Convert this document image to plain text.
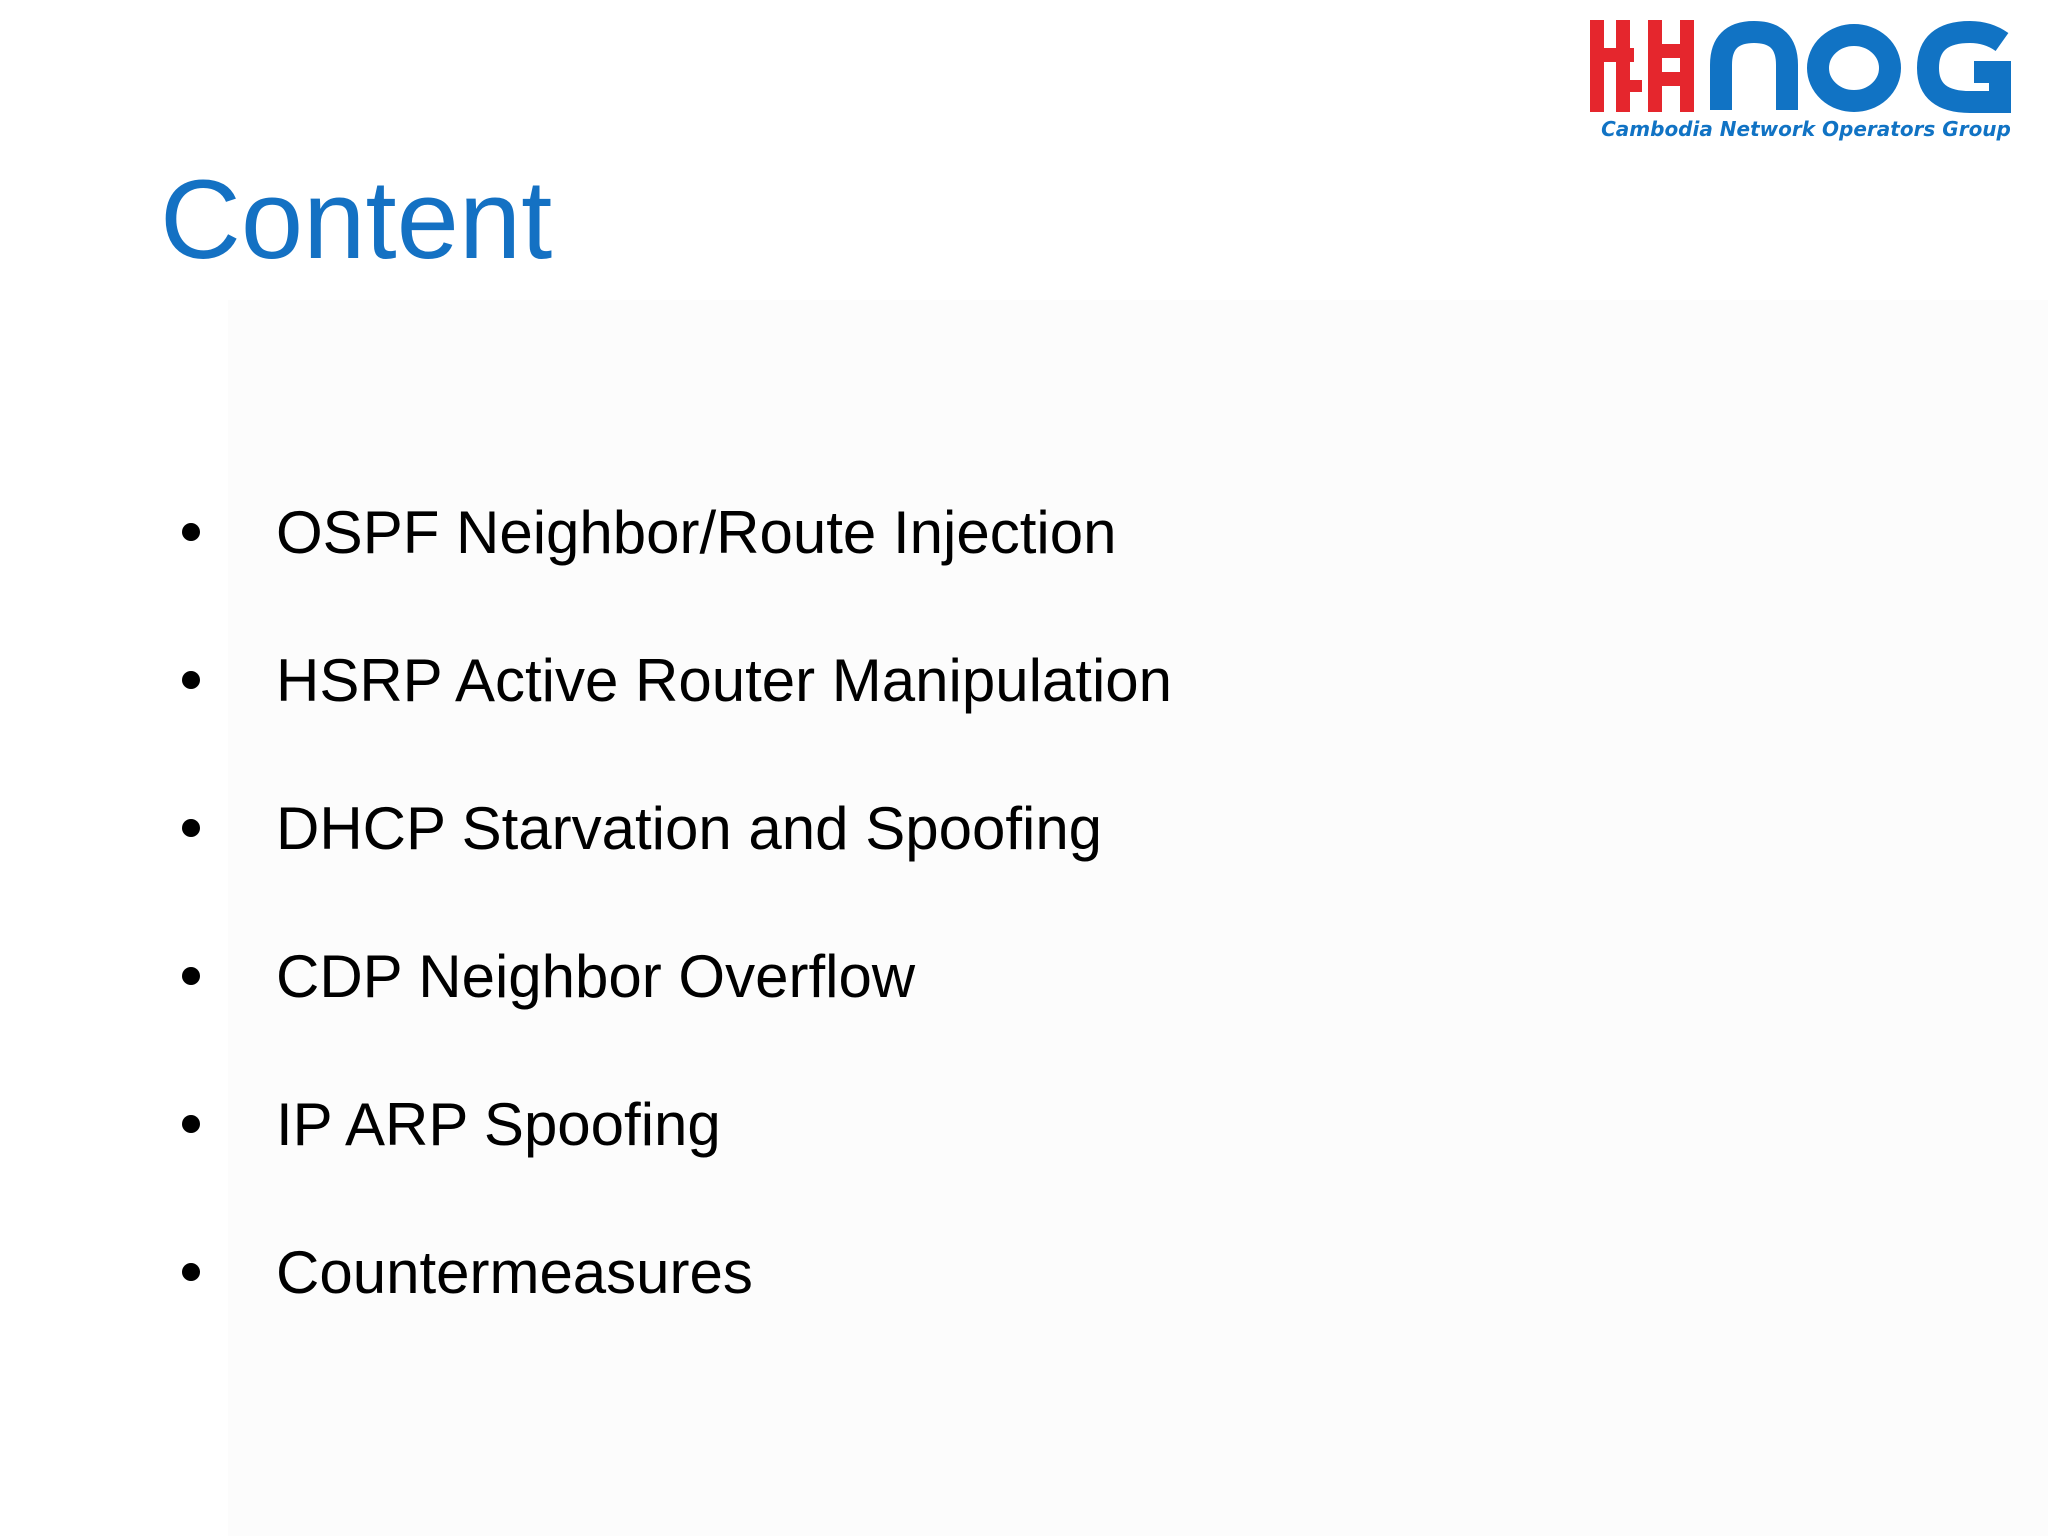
Cambodia Network Operators Group
Content
OSPF Neighbor/Route Injection
HSRP Active Router Manipulation
DHCP Starvation and Spoofing
CDP Neighbor Overflow
IP ARP Spoofing
Countermeasures
